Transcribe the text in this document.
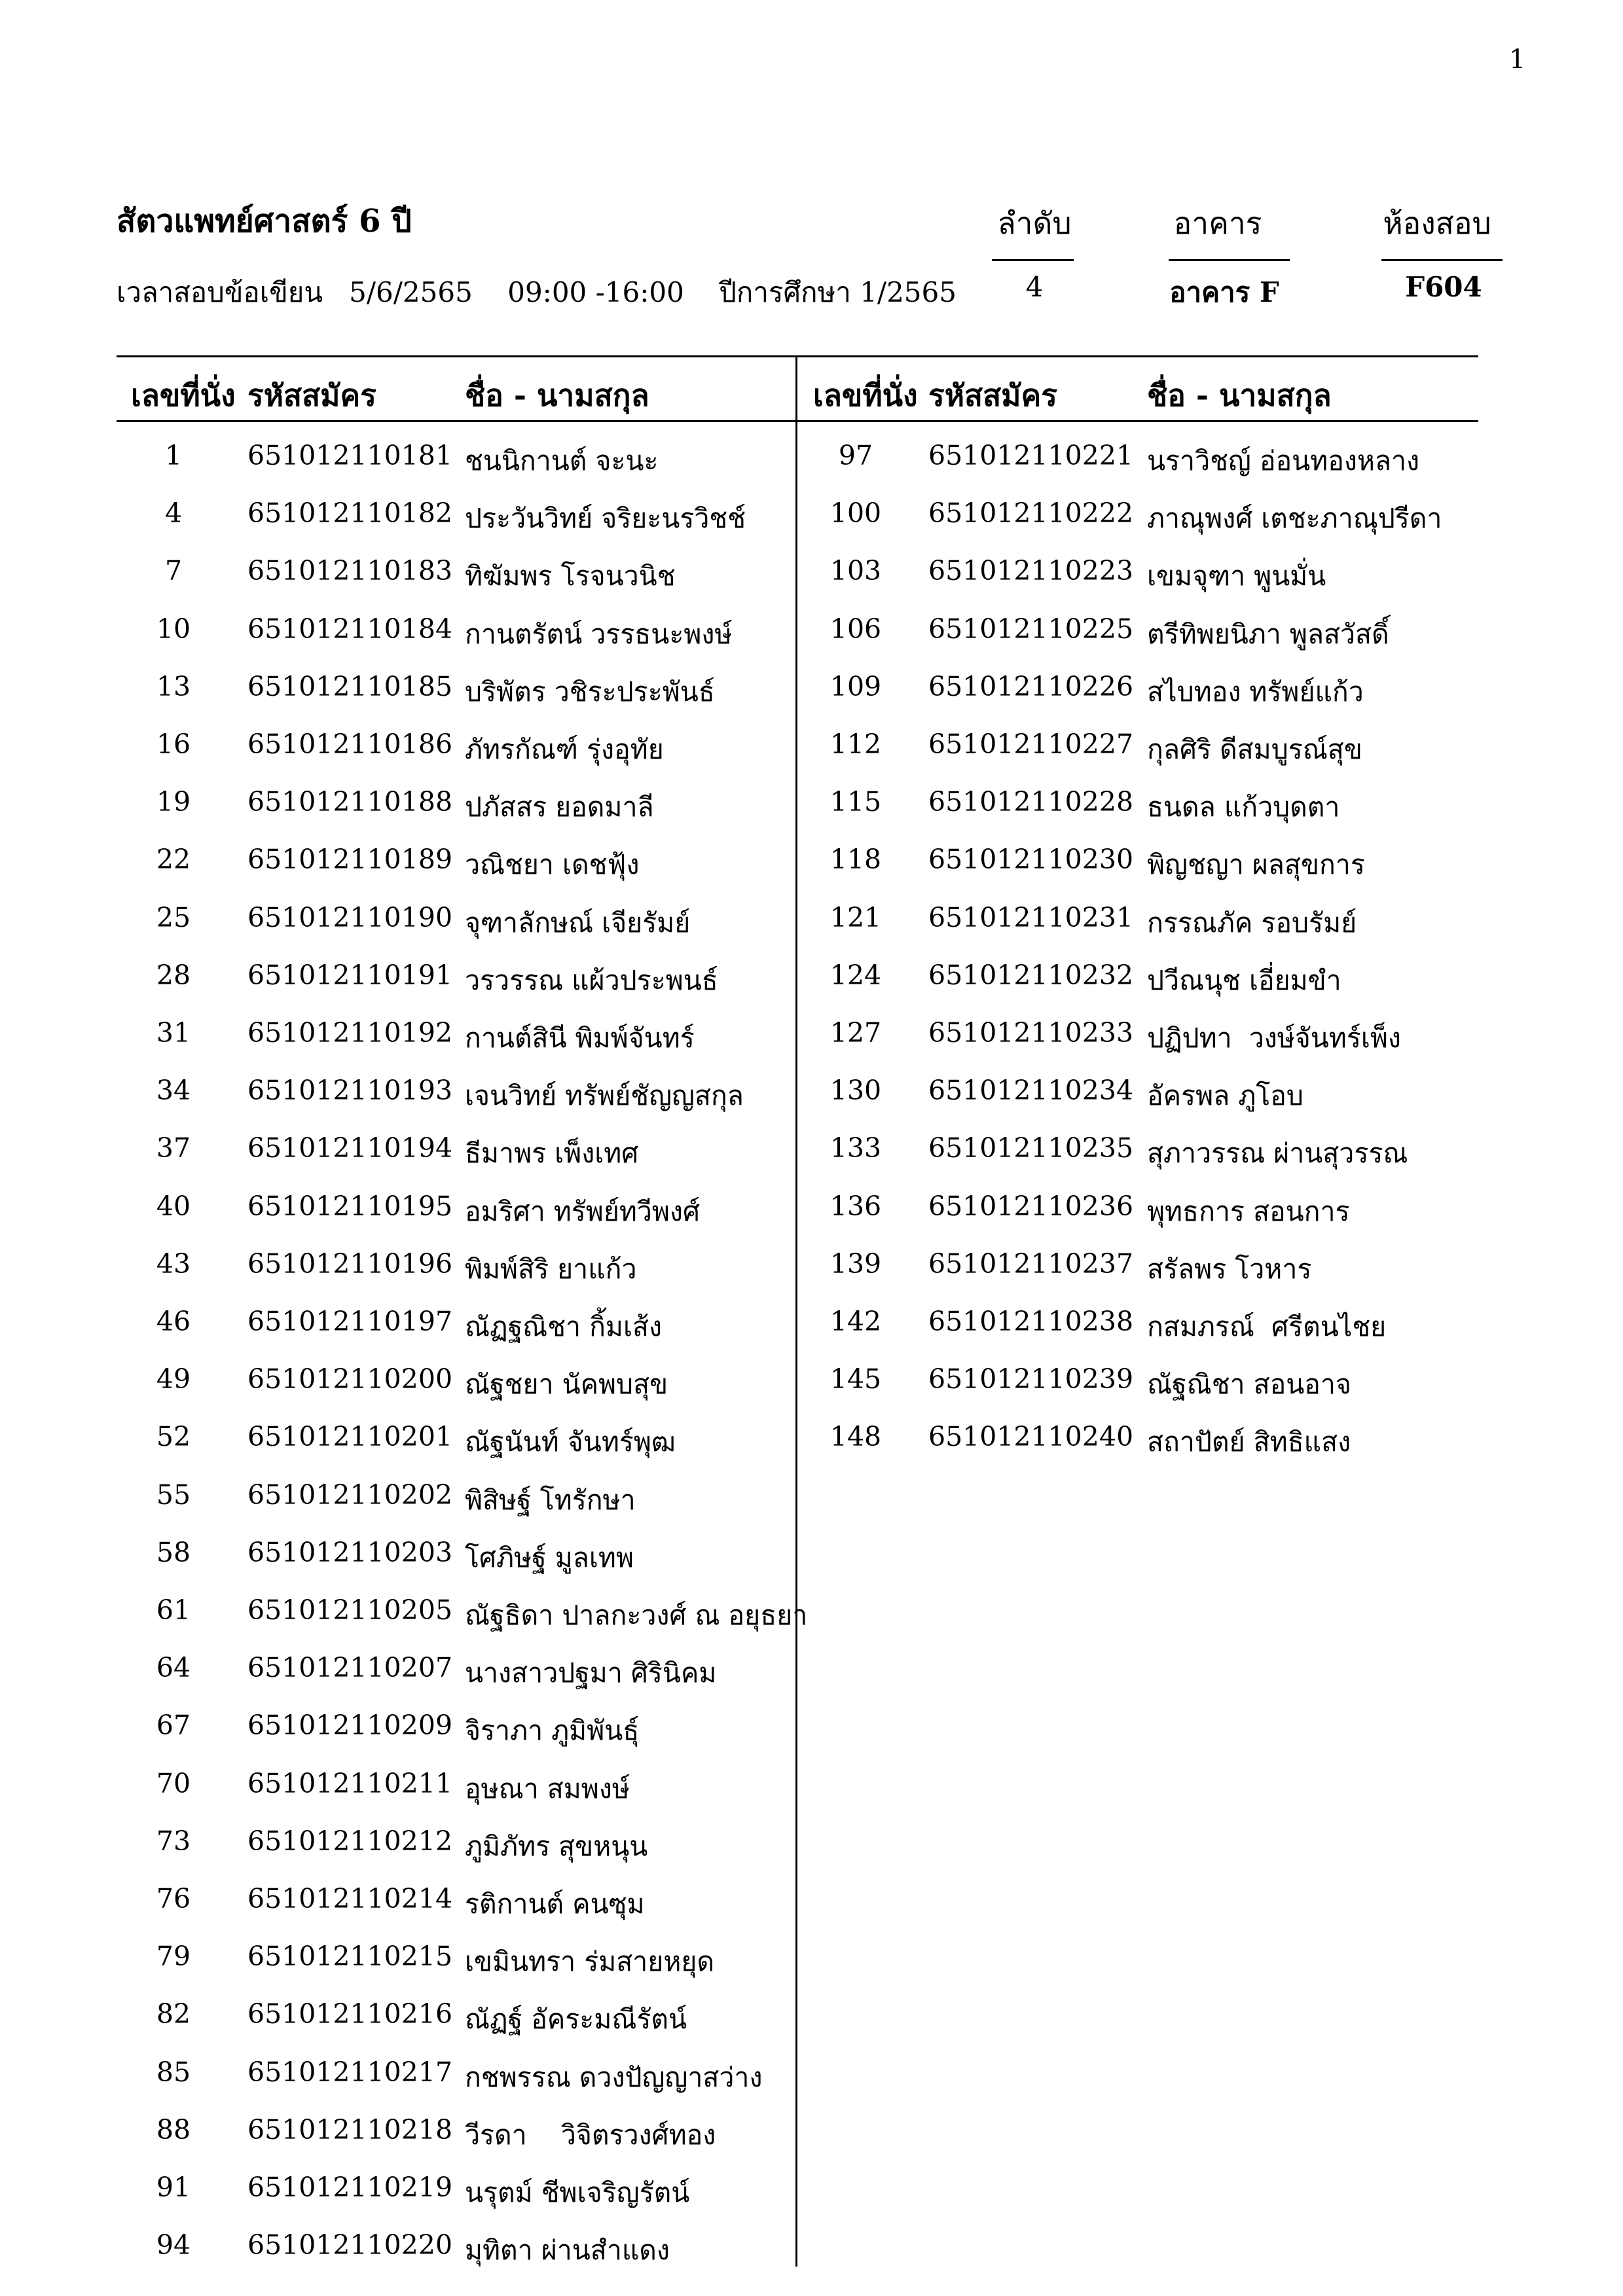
1
สัตวแพทย์ศาสตร์ 6 ปี
เวลาสอบข้อเขียน 5/6/2565 09:00 -16:00 ปีการศึกษา 1/2565
ลำดับ	อาคาร	ห้องสอบ
4	อาคาร F	F604
เลขที่นั่ง รหัสสมัคร	ชื่อ - นามสกุล	เลขที่นั่ง รหัสสมัคร	ชื่อ - นามสกุล
1	651012110181 ชนนิกานต์ จะนะ
4	651012110182 ประวันวิทย์ จริยะนรวิชช์
7	651012110183 ทิฆัมพร โรจนวนิช
10	651012110184 กานตรัตน์ วรรธนะพงษ์
13	651012110185 บริพัตร วชิระประพันธ์
16	651012110186 ภัทรกัณฑ์ รุ่งอุทัย
19	651012110188 ปภัสสร ยอดมาลี
22	651012110189 วณิชยา เดชฟุ้ง
25	651012110190 จุฑาลักษณ์ เจียรัมย์
28	651012110191 วรวรรณ แผ้วประพนธ์
31	651012110192 กานต์สินี พิมพ์จันทร์
34	651012110193 เจนวิทย์ ทรัพย์ชัญญสกุล
37	651012110194 ธีมาพร เพ็งเทศ
40	651012110195 อมริศา ทรัพย์ทวีพงศ์
43	651012110196 พิมพ์สิริ ยาแก้ว
46	651012110197 ณัฏฐณิชา กิ้มเส้ง
49	651012110200 ณัฐชยา นัคพบสุข
52	651012110201 ณัฐนันท์ จันทร์พุฒ
55	651012110202 พิสิษฐ์ โทรักษา
58	651012110203 โศภิษฐ์ มูลเทพ
61	651012110205 ณัฐธิดา ปาลกะวงศ์ ณ อยุธยา
64	651012110207 นางสาวปฐมา ศิรินิคม
67	651012110209 จิราภา ภูมิพันธุ์
70	651012110211 อุษณา สมพงษ์
73	651012110212 ภูมิภัทร สุขหนุน
76	651012110214 รติกานต์ คนซุม
79	651012110215 เขมินทรา ร่มสายหยุด
82	651012110216 ณัฏฐ์ อัคระมณีรัตน์
85	651012110217 กชพรรณ ดวงปัญญาสว่าง
88	651012110218 วีรดา    วิจิตรวงศ์ทอง
91	651012110219 นรุตม์ ชีพเจริญรัตน์
94	651012110220 มุทิตา ผ่านสำแดง
97	651012110221 นราวิชญ์ อ่อนทองหลาง
100	651012110222 ภาณุพงศ์ เตชะภาณุปรีดา
103	651012110223 เขมจุฑา พูนมั่น
106	651012110225 ตรีทิพยนิภา พูลสวัสดิ์
109	651012110226 สไบทอง ทรัพย์แก้ว
112	651012110227 กุลศิริ ดีสมบูรณ์สุข
115	651012110228 ธนดล แก้วบุดตา
118	651012110230 พิญชญา ผลสุขการ
121	651012110231 กรรณภัค รอบรัมย์
124	651012110232 ปวีณนุช เอี่ยมขำ
127	651012110233 ปฏิปทา  วงษ์จันทร์เพ็ง
130	651012110234 อัครพล ภูโอบ
133	651012110235 สุภาวรรณ ผ่านสุวรรณ
136	651012110236 พุทธการ สอนการ
139	651012110237 สรัลพร โวหาร
142	651012110238 กสมภรณ์  ศรีตนไชย
145	651012110239 ณัฐณิชา สอนอาจ
148	651012110240 สถาปัตย์ สิทธิแสง
